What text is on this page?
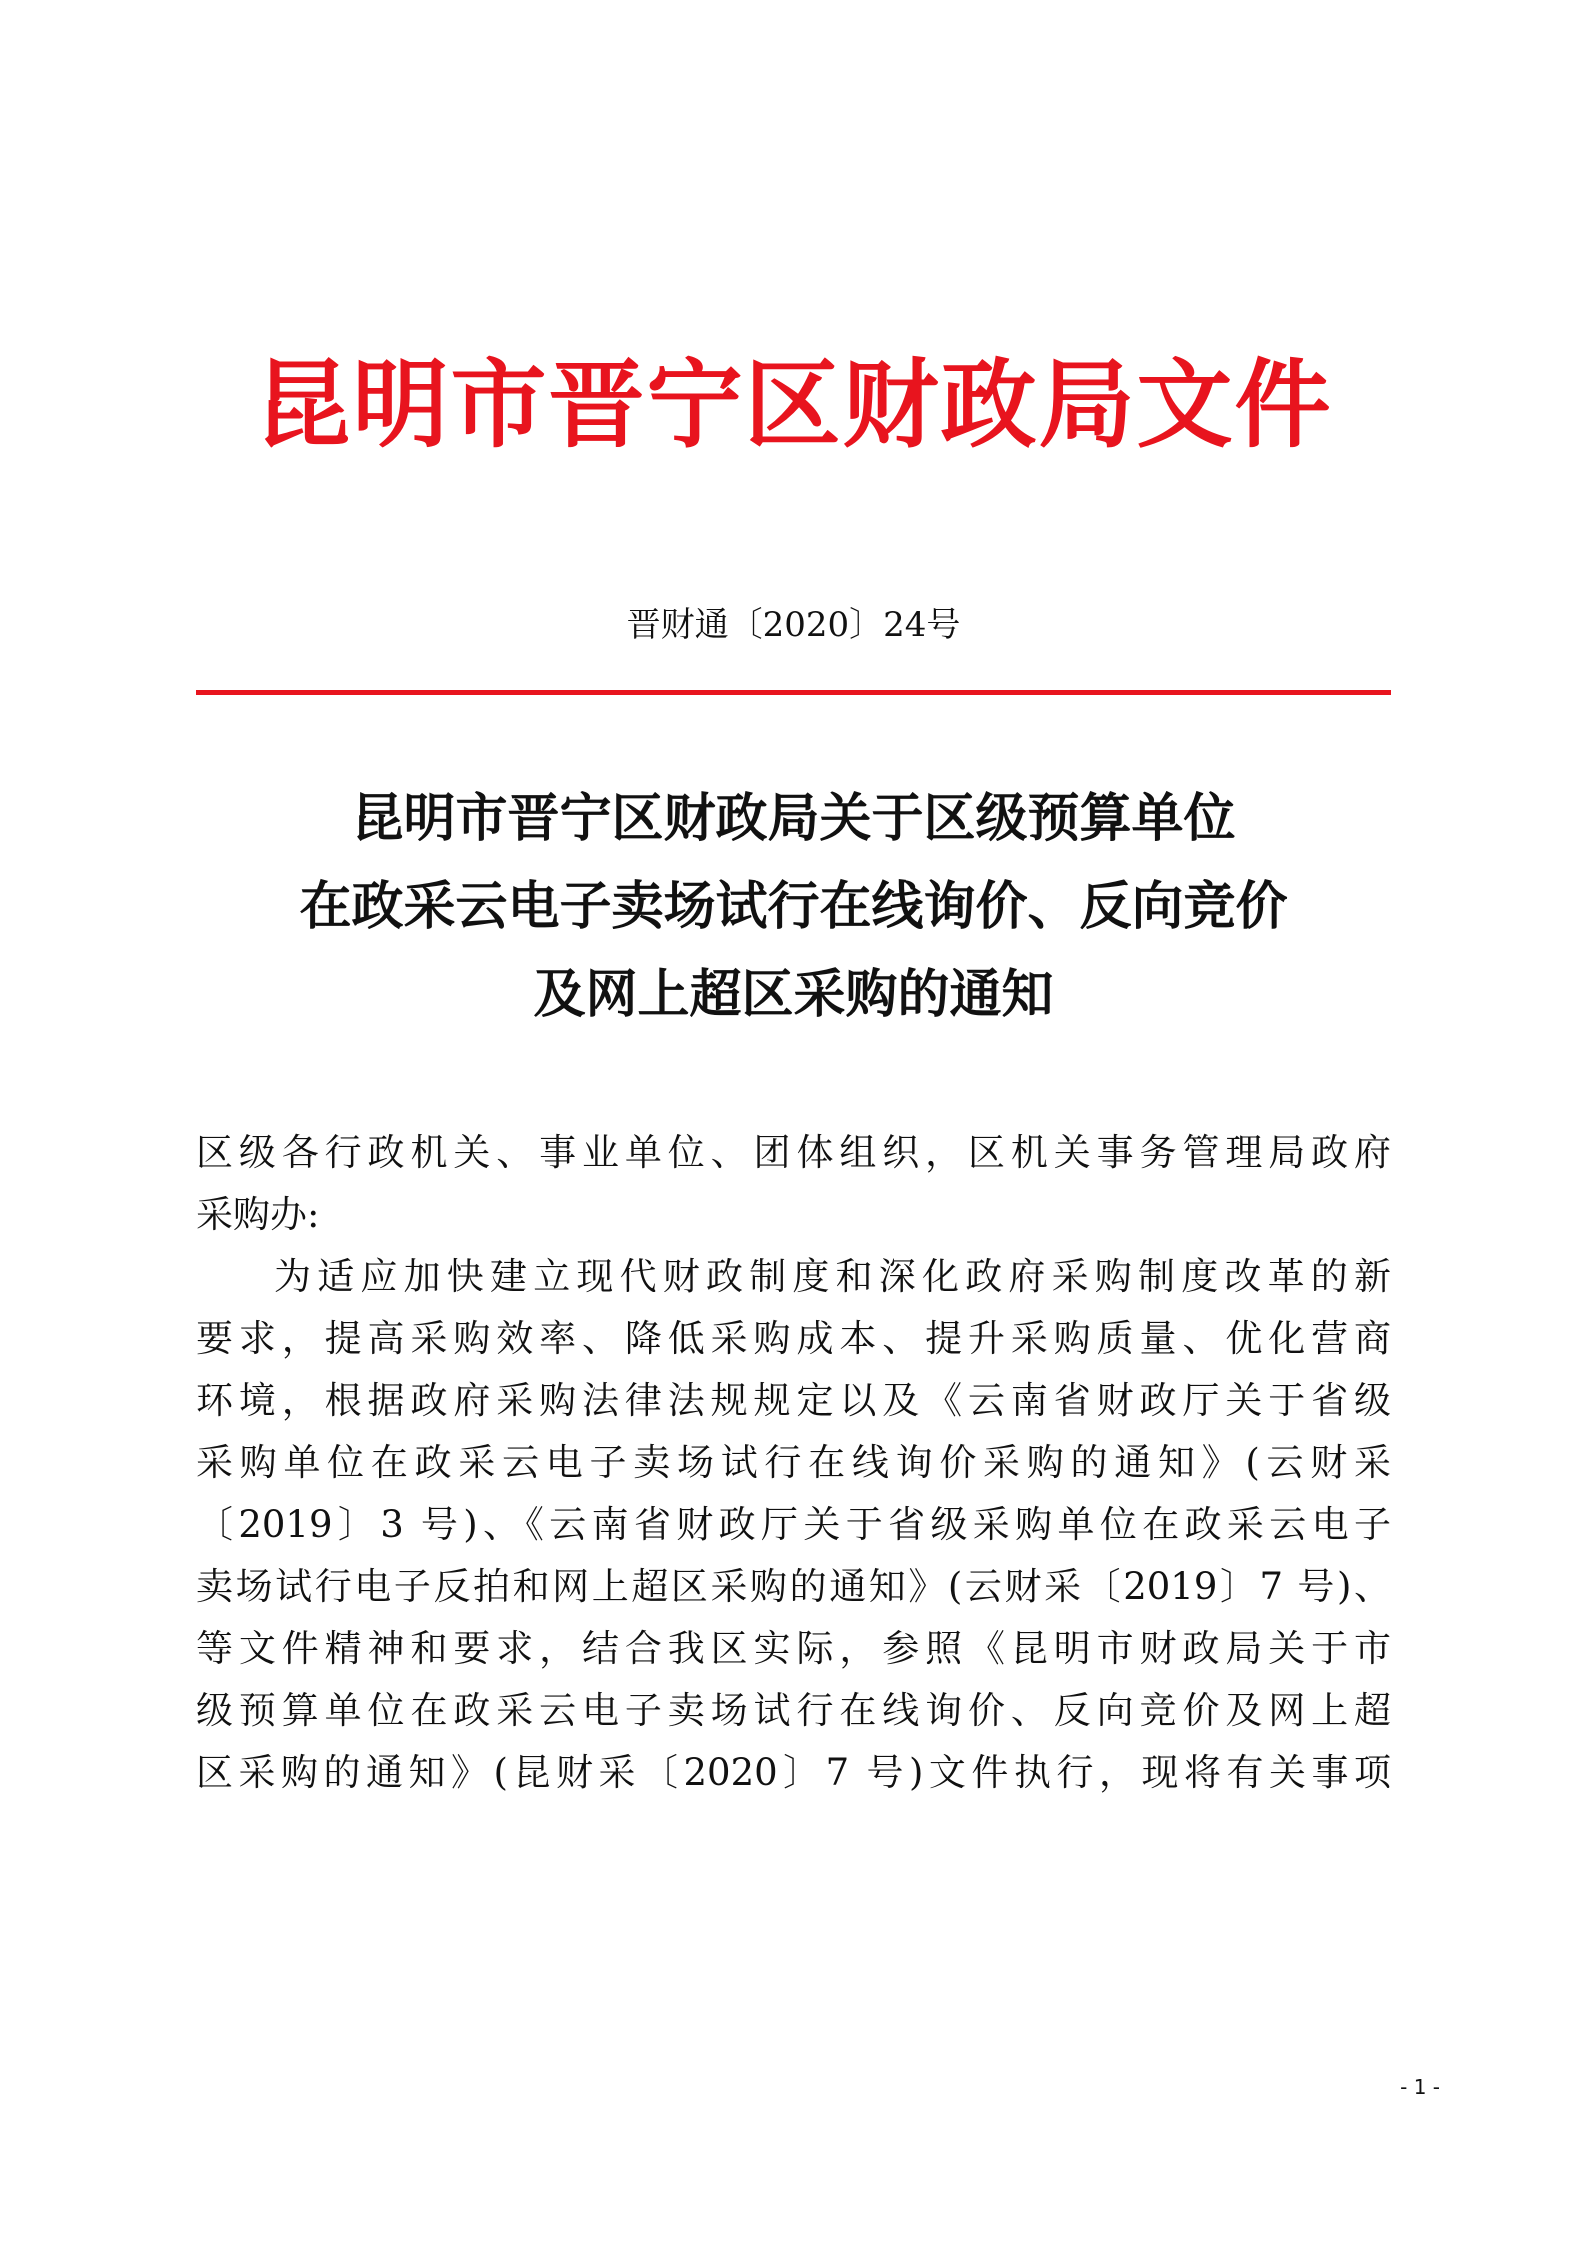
昆明市晋宁区财政局文件
晋财通〔2020〕24号
昆明市晋宁区财政局关于区级预算单位
在政采云电子卖场试行在线询价、反向竞价
及网上超区采购的通知
区级各行政机关、事业单位、团体组织，区机关事务管理局政府
采购办:
为适应加快建立现代财政制度和深化政府采购制度改革的新
要求，提高采购效率、降低采购成本、提升采购质量、优化营商
环境，根据政府采购法律法规规定以及《云南省财政厅关于省级
采购单位在政采云电子卖场试行在线询价采购的通知》(云财采
〔2019〕3 号)、《云南省财政厅关于省级采购单位在政采云电子
卖场试行电子反拍和网上超区采购的通知》(云财采〔2019〕7 号)、
等文件精神和要求，结合我区实际，参照《昆明市财政局关于市
级预算单位在政采云电子卖场试行在线询价、反向竞价及网上超
区采购的通知》(昆财采〔2020〕7 号)文件执行，现将有关事项
- 1 -
